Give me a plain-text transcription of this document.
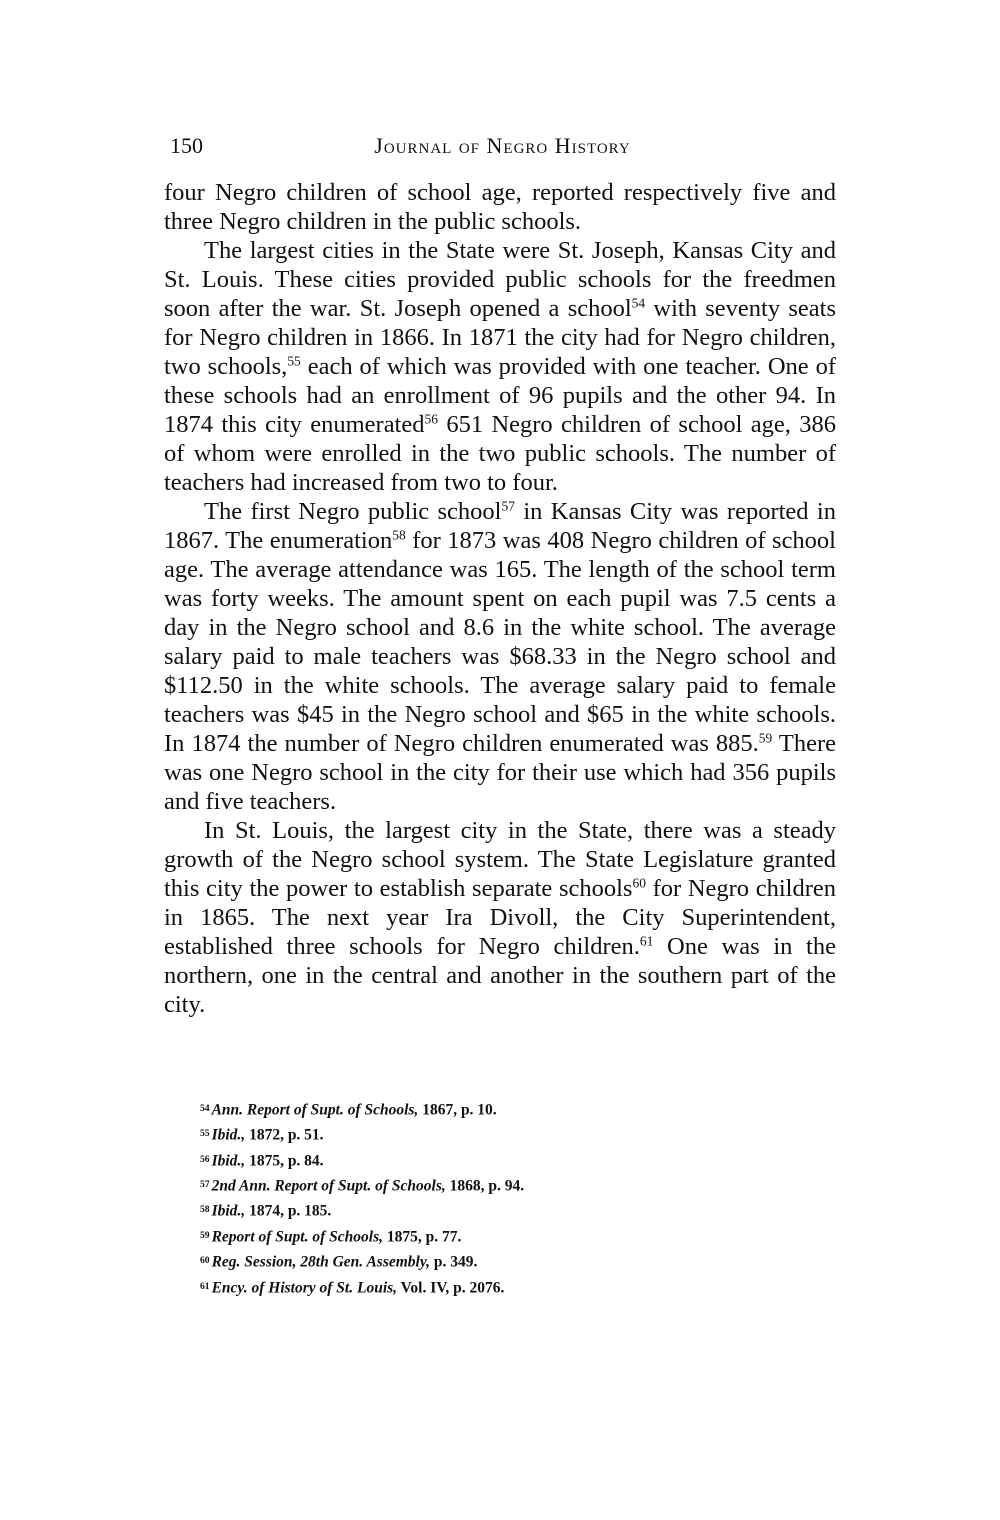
150	Journal of Negro History

four Negro children of school age, reported respectively five and three Negro children in the public schools.

The largest cities in the State were St. Joseph, Kansas City and St. Louis. These cities provided public schools for the freedmen soon after the war. St. Joseph opened a school$^{54}$ with seventy seats for Negro children in 1866. In 1871 the city had for Negro children, two schools,$^{55}$ each of which was provided with one teacher. One of these schools had an enrollment of 96 pupils and the other 94. In 1874 this city enumerated$^{56}$ 651 Negro children of school age, 386 of whom were enrolled in the two public schools. The number of teachers had increased from two to four.

The first Negro public school$^{57}$ in Kansas City was reported in 1867. The enumeration$^{58}$ for 1873 was 408 Negro children of school age. The average attendance was 165. The length of the school term was forty weeks. The amount spent on each pupil was 7.5 cents a day in the Negro school and 8.6 in the white school. The average salary paid to male teachers was $68.33 in the Negro school and $112.50 in the white schools. The average salary paid to female teachers was $45 in the Negro school and $65 in the white schools. In 1874 the number of Negro children enumerated was 885.59 There was one Negro school in the city for their use which had 356 pupils and five teachers.

In St. Louis, the largest city in the State, there was a steady growth of the Negro school system. The State Legislature granted this city the power to establish separate schools$^{60}$ for Negro children in 1865. The next year Ira Divoll, the City Superintendent, established three schools for Negro children.$^{61}$ One was in the northern, one in the central and another in the southern part of the city.

$^{54}$ Ann. Report of Supt. of Schools, 1867, p. 10.

$^{55}$ Ibid., 1872, p. 51.

$^{56}$ Ibid., 1875, p. 84.

$^{57}$ 2nd Ann. Report of Supt. of Schools, 1868, p. 94.

$^{58}$ Ibid., 1874, p. 185.

$^{59}$ Report of Supt. of Schools, 1875, p. 77.

$^{60}$ Reg. Session, 28th Gen. Assembly, p. 349.

$^{61}$ Ency. of History of St. Louis, Vol. IV, p. 2076.
